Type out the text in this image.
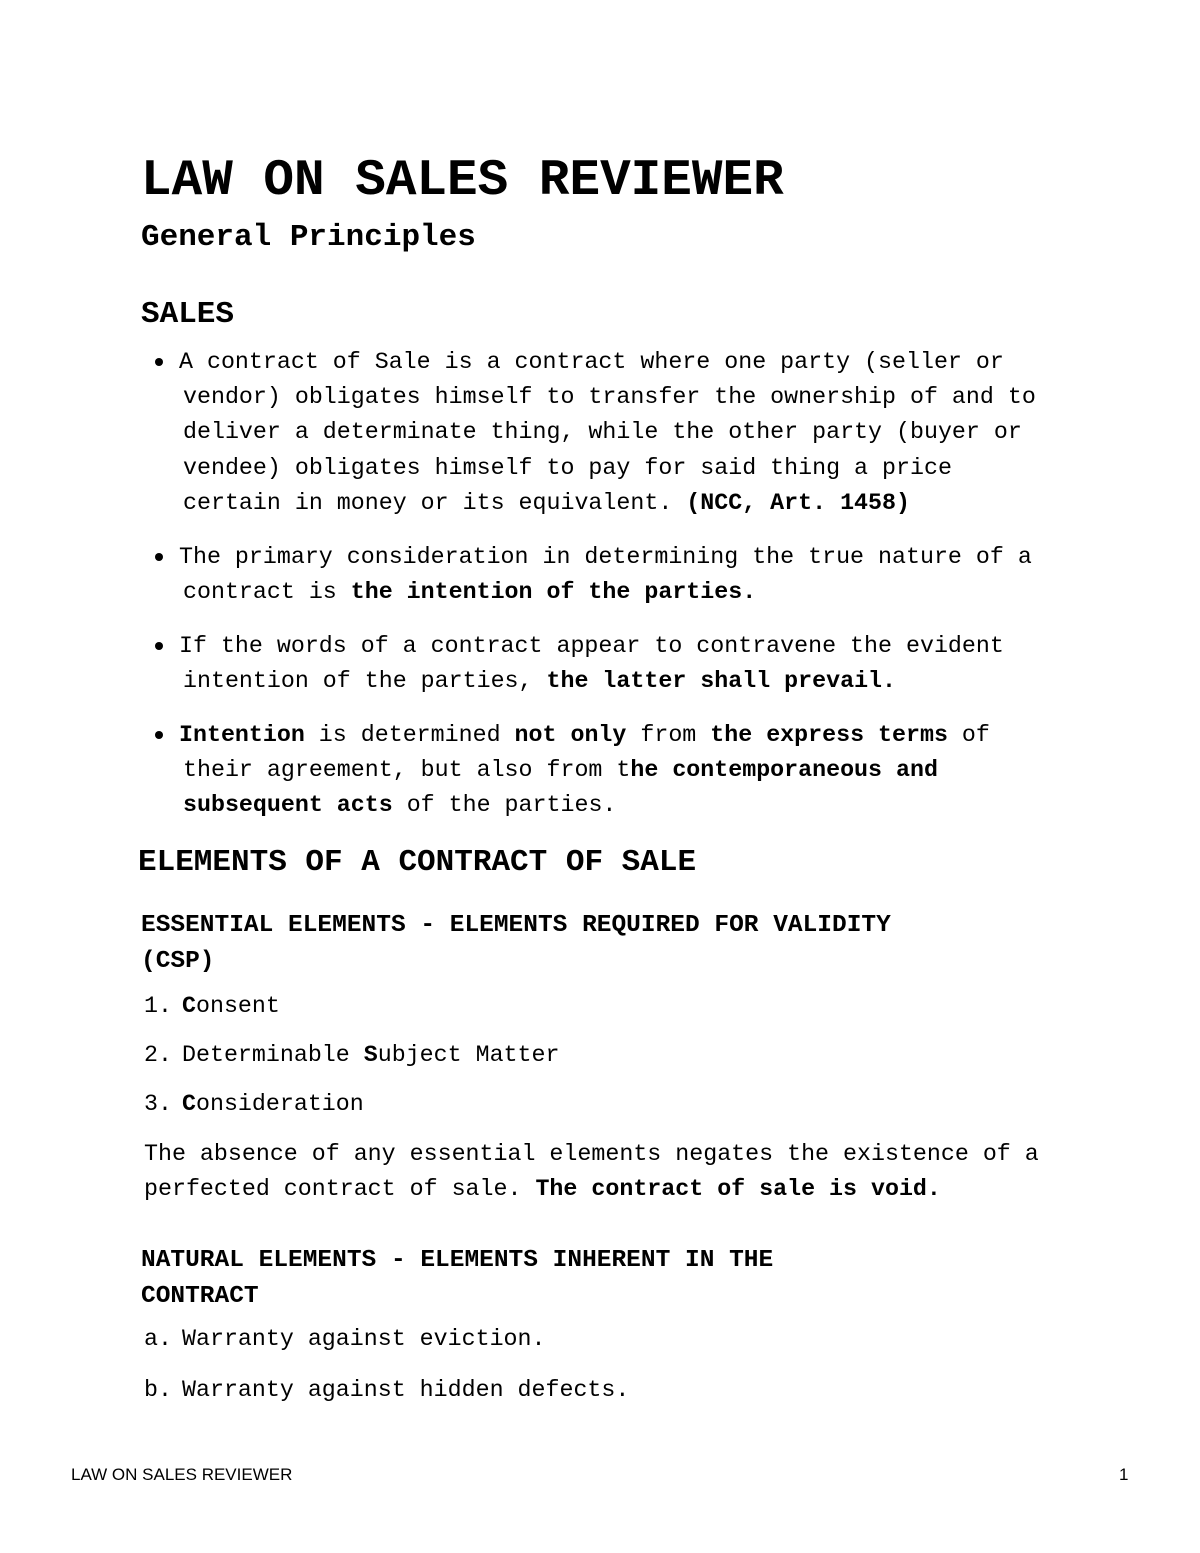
LAW ON SALES REVIEWER
General Principles
SALES
A contract of Sale is a contract where one party (seller or
vendor) obligates himself to transfer the ownership of and to
deliver a determinate thing, while the other party (buyer or
vendee) obligates himself to pay for said thing a price
certain in money or its equivalent. (NCC, Art. 1458)
The primary consideration in determining the true nature of a
contract is the intention of the parties.
If the words of a contract appear to contravene the evident
intention of the parties, the latter shall prevail.
Intention is determined not only from the express terms of
their agreement, but also from the contemporaneous and
subsequent acts of the parties.
ELEMENTS OF A CONTRACT OF SALE
ESSENTIAL ELEMENTS - ELEMENTS REQUIRED FOR VALIDITY
(CSP)
1. Consent
2. Determinable Subject Matter
3. Consideration
The absence of any essential elements negates the existence of a
perfected contract of sale. The contract of sale is void.
NATURAL ELEMENTS - ELEMENTS INHERENT IN THE
CONTRACT
a. Warranty against eviction.
b. Warranty against hidden defects.
LAW ON SALES REVIEWER	1
